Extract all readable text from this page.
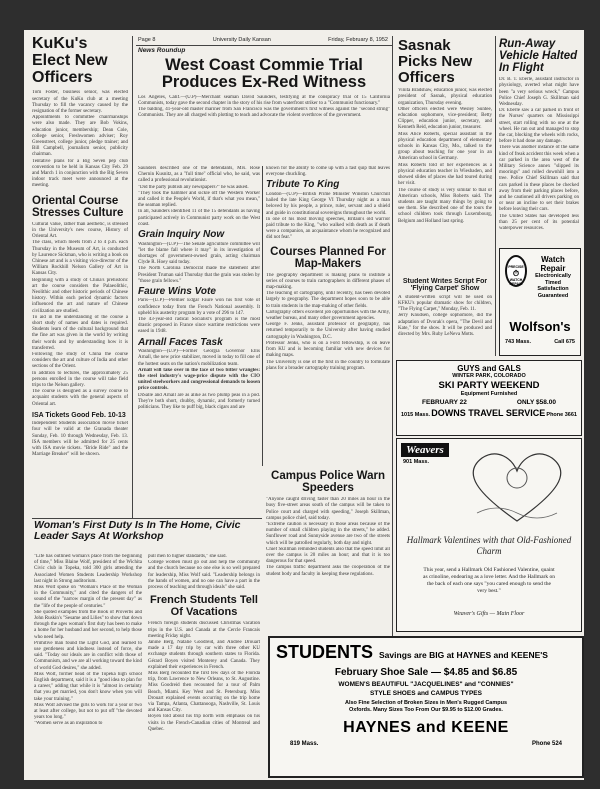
KuKu's Elect New Officers

Tom Foster, business senior, was elected secretary of the KuKu club at a meeting Thursday to fill the vacancy caused by the resignation of the former secretary.

Appointments to committee chairmanships were also made. They are Bob Vokins, education junior, membership; Dean Cole, college senior, Freshwomen adviser; Roy Greenstreet, college junior, pledge trainer; and Bill Campbell, journalism senior, publicity chairman.

Tentative plans for a Big Seven pep club convention to be held in Kansas City Feb. 29 and March 1 in conjunction with the Big Seven indoor track meet were announced at the meeting.

Oriental Course Stresses Culture

Cultural value, rather than aesthetic, is stressed in the University's new course, History of Oriental Art.

The class, which meets from 2 to 4 p.m. each Thursday in the Museum of Art, is conducted by Laurence Sickman, who is writing a book on Chinese art and is a visiting vice-director of the William Rockhill Nelson Gallery of Art in Kansas City.

Beginning with a study of China's prehistoric art the course considers the Palaeolithic, Neolithic and other historic periods of Chinese history. Within each period dynamic factors influenced the art and nature of Chinese civilization are studied.

To aid in the understanding of the course a short study of names and dates is required. Students learn of the cultural background that the fine art was given in the world by writing their words and by understanding how it is transferred.

Following the study of China the course considers the art and culture of India and other sections of the Orient.

In addition to lectures, the approximately 25 persons enrolled in the course will take field trips to the Nelson gallery.

The course is designed as a survey course to acquaint students with the general aspects of Oriental art.

ISA Tickets Good Feb. 10-13

Independent Students association movie ticket four will be valid at the Granada theater Sunday, Feb. 10 through Wednesday, Feb. 13. ISA members will be admitted for 25 cents with ISA movie tickets. "Bride Ride" and the Marriage Breaker" will be shown.

Page 8	University Daily Kansan	Friday, February 8, 1952
News Roundup
West Coast Commie Trial Produces Ex-Red Witness

Los Angeles, Calif.—(U.P)—Merchant seaman David Saunders, testifying at the conspiracy trial of 15 California Communists, today gave the second chapter in the story of his rise from waterfront striker to a "Communist functionary."

The balding, 41-year-old master mariner from San Francisco was the government's first witness against the "second string" Communists. They are all charged with plotting to teach and advocate the violent overthrow of the government.

Saunders described one of the defendants, Mrs. Rose Chernin Kusnitz, as a "full time" official who, he said, was called a professional revolutionist.

"Did the party publish any newspapers?" he was asked.

"They took the hammer and sickle off the Western Worker and called it the People's World, if that's what you mean," the seaman replied.

In all, Saunders identified 11 of the 15 defendants as having participated actively in Communist party work on the West coast.

Grain Inquiry Now

Washington—(U.P)—The Senate agriculture committee will "let the blame fall where it may" in its investigation of shortages of government-owned grain, acting chairman Clyde R. Hoey said today.

The North Carolina Democrat made the statement after President Truman said Thursday that the grain was stolen by "those grain fellows."

Faure Wins Vote

Paris—(U.P)—Premier Edgar Faure won his first vote of confidence today from the French National assembly. It upheld his austerity program by a vote of 296 to 147.

The 43-year-old radical Socialist's program is the most drastic proposed in France since wartime restrictions were eased in 1948.

Arnall Faces Task

Washington—(U.P)—Former Georgia Governor Ellis Arnall, the new price stabilizer, moved in today to fill one of the hottest seats on the nation's mobilization team.

Arnall will take over in the face of two bitter wrangles: the steel industry's wage-price dispute with the CIO united steelworkers and congressional demands to loosen price controls.

DiSalle and Arnall are as alike as two plump peas in a pod. They're both short, chubby, dynamic, and formerly turned politicians. They like to puff big, black cigars and are

known for the ability to come up with a fast quip that leaves everyone chuckling.

Tribute To King

London—(U.P)—British Prime Minister Winston Churchill hailed the late King George VI Thursday night as a man beloved by his people, a prince, ruler, servant and a shield and guide in constitutional sovereigns throughout the world.

In one of his most moving speeches, Britain's old warrior paid tribute to the King, "who walked with death as if death were a companion, an acquaintance whom he recognized and did not fear."

Courses Planned For Map-Makers

The geography department is making plans to institute a series of courses to train cartographers in different phases of map-making.

The teaching of cartography, until recently, has been devoted largely to geography. The department hopes soon to be able to train students in the map-making of other fields.

Cartography offers excellent job opportunities with the Army, weather bureau, and many other government agencies.

George F. Jenks, assistant professor of geography, has returned temporarily to the University after having studied cartography in Washington, D.C.

Professor Jenks, who is on a Ford fellowship, is on leave from KU and is becoming familiar with new devices for making maps.

The University is one of the first in the country to formulate plans for a broader cartography training program.

Campus Police Warn Speeders

"Anyone caught driving faster than 20 miles an hour in the busy five-street areas south of the campus will be taken to Police court and charged with speeding," Joseph Skillman, campus police chief, said today.

"Extreme caution is necessary in those areas because of the number of small children playing in the streets," he added. Sunflower road and Sunnyside avenue are two of the streets which will be patrolled regularly, both day and night.

Chief Skillman reminded students also that the speed limit all over the campus is 20 miles an hour; and that it is too dangerous for that speed.

The campus traffic department asks the cooperation of the student body and faculty in keeping these regulations.

Woman's First Duty Is In The Home, Civic Leader Says At Workshop

"Life has outlined woman's place from the beginning of time," Miss Blaine Wolf, president of the Wichita Civic club in Topeka, told 300 girls attending the Associated Women Students Leadership Workshop last night in Strong auditorium.

Miss Wolf spoke on "Woman's Place of the Woman in the Community," and cited the dangers of the sound of the "narrow margin of the present day" as the "life of the people of centuries."

She quoted examples from the Book of Proverbs and John Ruskin's "Sesame and Lilies" to show that down through the ages woman's first duty has been to make a home for her husband and her second, to help those who need help.

Primitive man found the Light God, and learned to use gentleness and kindness instead of force, she said. "Today our ideals are in conflict with those of Communism, and we are all working toward the kind of world God desires," she added.

Miss Wolf, former head of the Topeka high school English department, said it is a "good idea to plan for a career," adding that while it is "almost in certainty that you get married, you don't know when you will take your training."

Miss Wolf advised the girls to work for a year or two at least after college, but not to put off "the devoted years too long."

"Women serve as an inspiration to

pull men to higher standards," she said.

College women must go out and help the community and the church because no one else is so well prepared for leadership, Miss Wolf said. "Leadership belongs in the hands of women, and no one can have a part in the process of teaching and through ideals" she said.

French Students Tell Of Vacations

French foreign students discussed Christmas vacation trips in the U.S. and Canada at the Cercle Francais meeting Friday night.

Janine Berg, Natalie Goodreid, and Andrée Drouart made a 17 day trip by car with three other KU exchange students through southern states to Florida. Gérard Boyen visited Monterey and Canada. They explained their experiences in French.

Miss Berg recounted the first few days of the Florida trip, from Lawrence to New Orleans, to St. Augustine. Miss Goodreid then recounted for a tour of Palm Beach, Miami. Key West and St. Petersburg. Miss Drouart explained events occurring on the trip home via Tampa, Atlanta, Chattanooga, Nashville, St. Louis and Kansas City.

Boyen told about his trip north with emphasis on his visits in the French-Canadian cities of Montreal and Quebec.

Sasnak Picks New Officers

Vinita Bradshaw, education junior, was elected president of Sasnak, physical education organization, Thursday evening.

Other officers elected were Wesley Suntee, education sophomore, vice-president; Betty Clipper, education junior, secretary, and Kenneth Reid, education junior, treasurer.

Miss Alice Roberts, special assistant in the physical education department of elementary schools in Kansas City, Mo., talked to the group about teaching for one year in an American school in Germany.

Miss Roberts told of her experiences as a physical education teacher in Wiesbaden, and showed slides of places she had toured during her visit.

The course of study is very similar to that of American schools, Miss Roberts said. The students are taught many things by going to see them. She described one of the tours the school children took through Luxembourg, Belgium and Holland last spring.

Student Writes Script For 'Flying Carpet' Show

A student-written script will be used on KFKU's popular dramatic show for children, "The Flying Carpet," Monday, Feb. 11.

Jerry Knudsen, college sophomore, did the adaptation of Dvorak's opera, "The Devil and Kate," for the show. It will be produced and directed by Mrs. Ruby LeNeva Motts.

Run-Away Vehicle Halted In Flight

Dr. B. T. Eberle, assistant instructor in physiology, averted what might have been "a very serious wreck," Campus Police Chief Joseph G. Skillman said Wednesday.

Dr. Eberle saw a car parked in front of the Nurses' quarters on Mississippi street, start rolling with no one at the wheel. He ran out and managed to stop the car, blocking the wheels with rocks, before it had done any damage.

There was another instance of the same kind of freak accident this week when a car parked in the area west of the Military Science annex "slipped its moorings" and rolled downhill into a tree. Police Chief Skillman said that cars parked in these places be checked away from their parking places before, and he cautioned all drivers parking on or near an incline to set their brakes before leaving their cars.

The United States has developed less than 25 per cent of its potential waterpower resources.

PRECISE
⏱
WATCH REPAIR
Watch
Repair
Electronically
Timed
Satisfaction
Guaranteed
Wolfson's
743 Mass.	Call 675
GUYS and GALS
WINTER PARK, COLORADO
SKI PARTY WEEKEND
Equipment Furnished
FEBRUARY 22	ONLY $58.00
1015 Mass. DOWNS TRAVEL SERVICE Phone 3661
Weavers
901 Mass.
Hallmark Valentines with that Old-Fashioned Charm
This year, send a Hallmark Old Fashioned Valentine, quaint as crinoline, endearing as a love letter. And the Hallmark on the back of each one says "you cared enough to send the very best."
Weaver's Gifts — Main Floor
STUDENTS Savings are BIG at HAYNES and KEENE'S
February Shoe Sale — $4.85 and $6.85
WOMEN'S BEAUTIFUL "JACQUELINES" and "CONNIES"
STYLE SHOES and CAMPUS TYPES
Also Fine Selection of Broken Sizes in Men's Rugged Campus
Oxfords. Many Sizes Too From Our $9.95 to $12.00 Grades.
HAYNES and KEENE
819 Mass.	Phone 524
